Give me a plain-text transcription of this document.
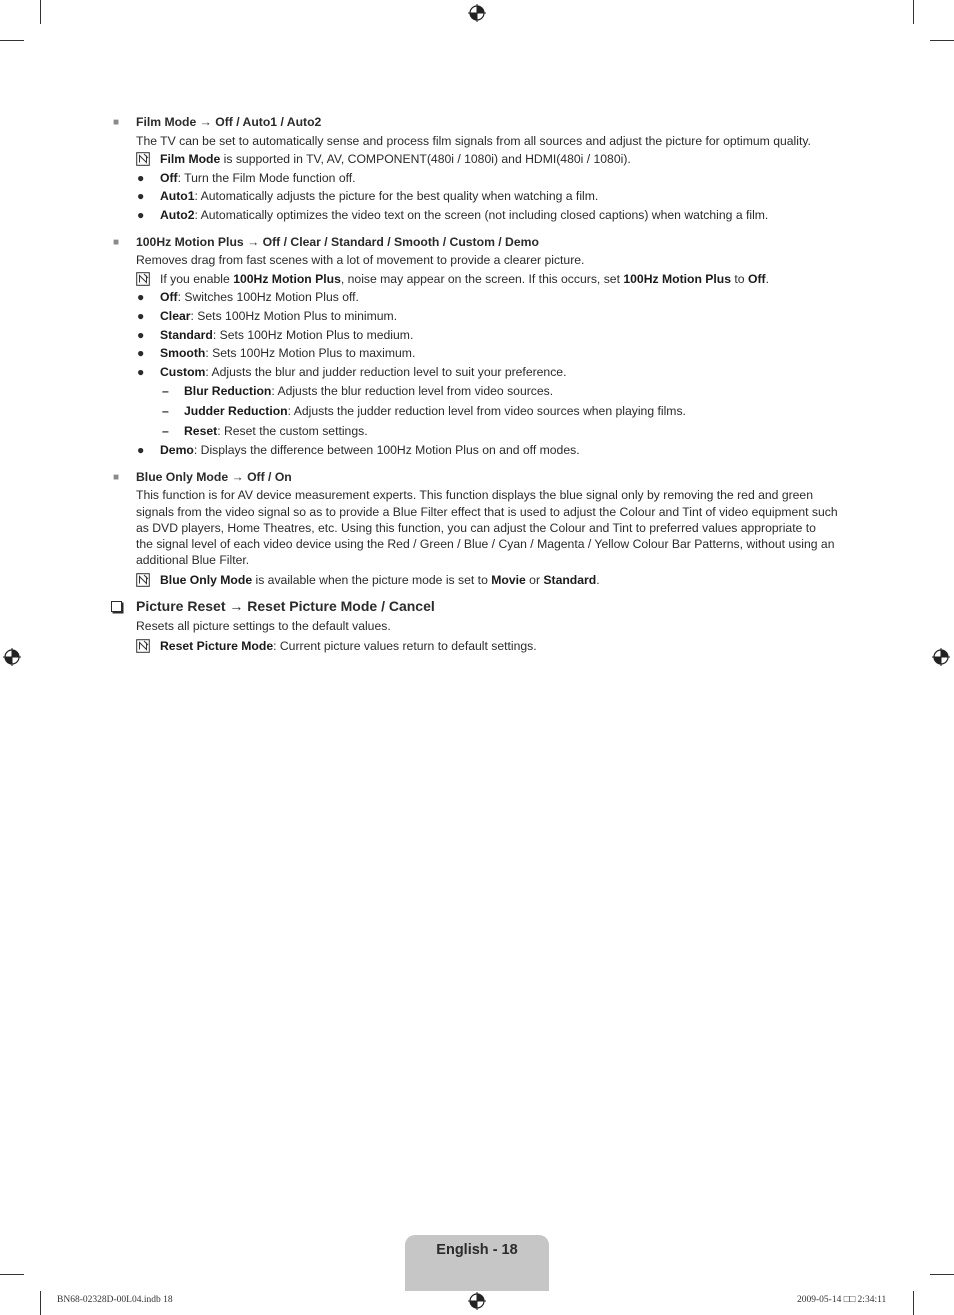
■ Film Mode → Off / Auto1 / Auto2
The TV can be set to automatically sense and process film signals from all sources and adjust the picture for optimum quality.
Film Mode is supported in TV, AV, COMPONENT(480i / 1080i) and HDMI(480i / 1080i).
● Off: Turn the Film Mode function off.
● Auto1: Automatically adjusts the picture for the best quality when watching a film.
● Auto2: Automatically optimizes the video text on the screen (not including closed captions) when watching a film.
■ 100Hz Motion Plus → Off / Clear / Standard / Smooth / Custom / Demo
Removes drag from fast scenes with a lot of movement to provide a clearer picture.
If you enable 100Hz Motion Plus, noise may appear on the screen. If this occurs, set 100Hz Motion Plus to Off.
● Off: Switches 100Hz Motion Plus off.
● Clear: Sets 100Hz Motion Plus to minimum.
● Standard: Sets 100Hz Motion Plus to medium.
● Smooth: Sets 100Hz Motion Plus to maximum.
● Custom: Adjusts the blur and judder reduction level to suit your preference.
– Blur Reduction: Adjusts the blur reduction level from video sources.
– Judder Reduction: Adjusts the judder reduction level from video sources when playing films.
– Reset: Reset the custom settings.
● Demo: Displays the difference between 100Hz Motion Plus on and off modes.
■ Blue Only Mode → Off / On
This function is for AV device measurement experts. This function displays the blue signal only by removing the red and green
signals from the video signal so as to provide a Blue Filter effect that is used to adjust the Colour and Tint of video equipment such
as DVD players, Home Theatres, etc. Using this function, you can adjust the Colour and Tint to preferred values appropriate to
the signal level of each video device using the Red / Green / Blue / Cyan / Magenta / Yellow Colour Bar Patterns, without using an
additional Blue Filter.
Blue Only Mode is available when the picture mode is set to Movie or Standard.
Picture Reset → Reset Picture Mode / Cancel
Resets all picture settings to the default values.
Reset Picture Mode: Current picture values return to default settings.
English - 18
BN68-02328D-00L04.indb 18	2009-05-14 □□ 2:34:11
